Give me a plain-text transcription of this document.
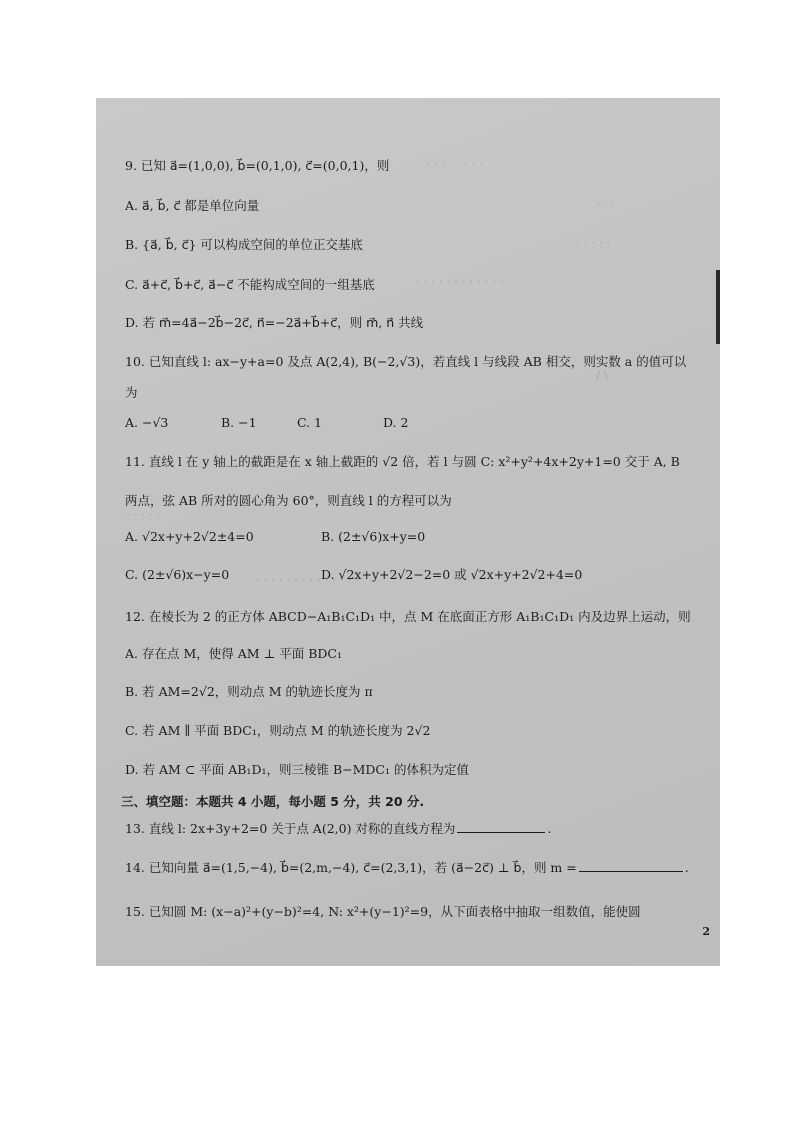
· · · · · · · ·
· · ·
· · · · ·
· · · · · · · · · · · ·
/ \
· · · · ·
· · · · · · · · · · · · · ·
9. 已知 a⃗=(1,0,0), b⃗=(0,1,0), c⃗=(0,0,1)，则
A. a⃗, b⃗, c⃗ 都是单位向量
B. {a⃗, b⃗, c⃗} 可以构成空间的单位正交基底
C. a⃗+c⃗, b⃗+c⃗, a⃗−c⃗ 不能构成空间的一组基底
D. 若 m⃗=4a⃗−2b⃗−2c⃗, n⃗=−2a⃗+b⃗+c⃗，则 m⃗, n⃗ 共线
10. 已知直线 l: ax−y+a=0 及点 A(2,4), B(−2,√3)，若直线 l 与线段 AB 相交，则实数 a 的值可以
为
A. −√3	B. −1	C. 1	D. 2
11. 直线 l 在 y 轴上的截距是在 x 轴上截距的 √2 倍，若 l 与圆 C: x²+y²+4x+2y+1=0 交于 A, B
两点，弦 AB 所对的圆心角为 60°，则直线 l 的方程可以为
A. √2x+y+2√2±4=0	B. (2±√6)x+y=0
C. (2±√6)x−y=0	D. √2x+y+2√2−2=0 或 √2x+y+2√2+4=0
12. 在棱长为 2 的正方体 ABCD−A₁B₁C₁D₁ 中，点 M 在底面正方形 A₁B₁C₁D₁ 内及边界上运动，则
A. 存在点 M，使得 AM ⊥ 平面 BDC₁
B. 若 AM=2√2，则动点 M 的轨迹长度为 π
C. 若 AM ∥ 平面 BDC₁，则动点 M 的轨迹长度为 2√2
D. 若 AM ⊂ 平面 AB₁D₁，则三棱锥 B−MDC₁ 的体积为定值
三、填空题：本题共 4 小题，每小题 5 分，共 20 分.
13. 直线 l: 2x+3y+2=0 关于点 A(2,0) 对称的直线方程为	.
14. 已知向量 a⃗=(1,5,−4), b⃗=(2,m,−4), c⃗=(2,3,1)，若 (a⃗−2c⃗) ⊥ b⃗，则 m =	.
15. 已知圆 M: (x−a)²+(y−b)²=4, N: x²+(y−1)²=9，从下面表格中抽取一组数值，能使圆
2
